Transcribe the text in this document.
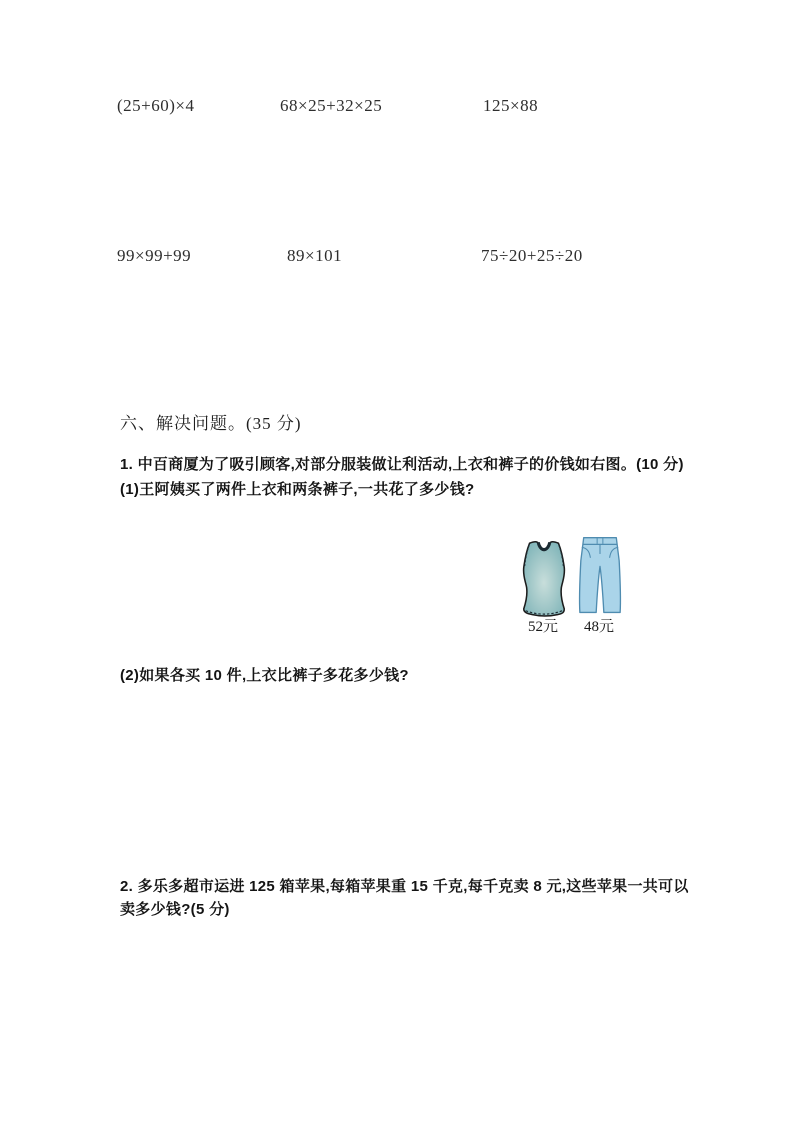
(25+60)×4	68×25+32×25	125×88
99×99+99	89×101	75÷20+25÷20
六、解决问题。(35 分)
1. 中百商厦为了吸引顾客,对部分服装做让利活动,上衣和裤子的价钱如右图。(10 分)
(1)王阿姨买了两件上衣和两条裤子,一共花了多少钱?
52元 48元
(2)如果各买 10 件,上衣比裤子多花多少钱?
2. 多乐多超市运进 125 箱苹果,每箱苹果重 15 千克,每千克卖 8 元,这些苹果一共可以卖多少钱?(5 分)
